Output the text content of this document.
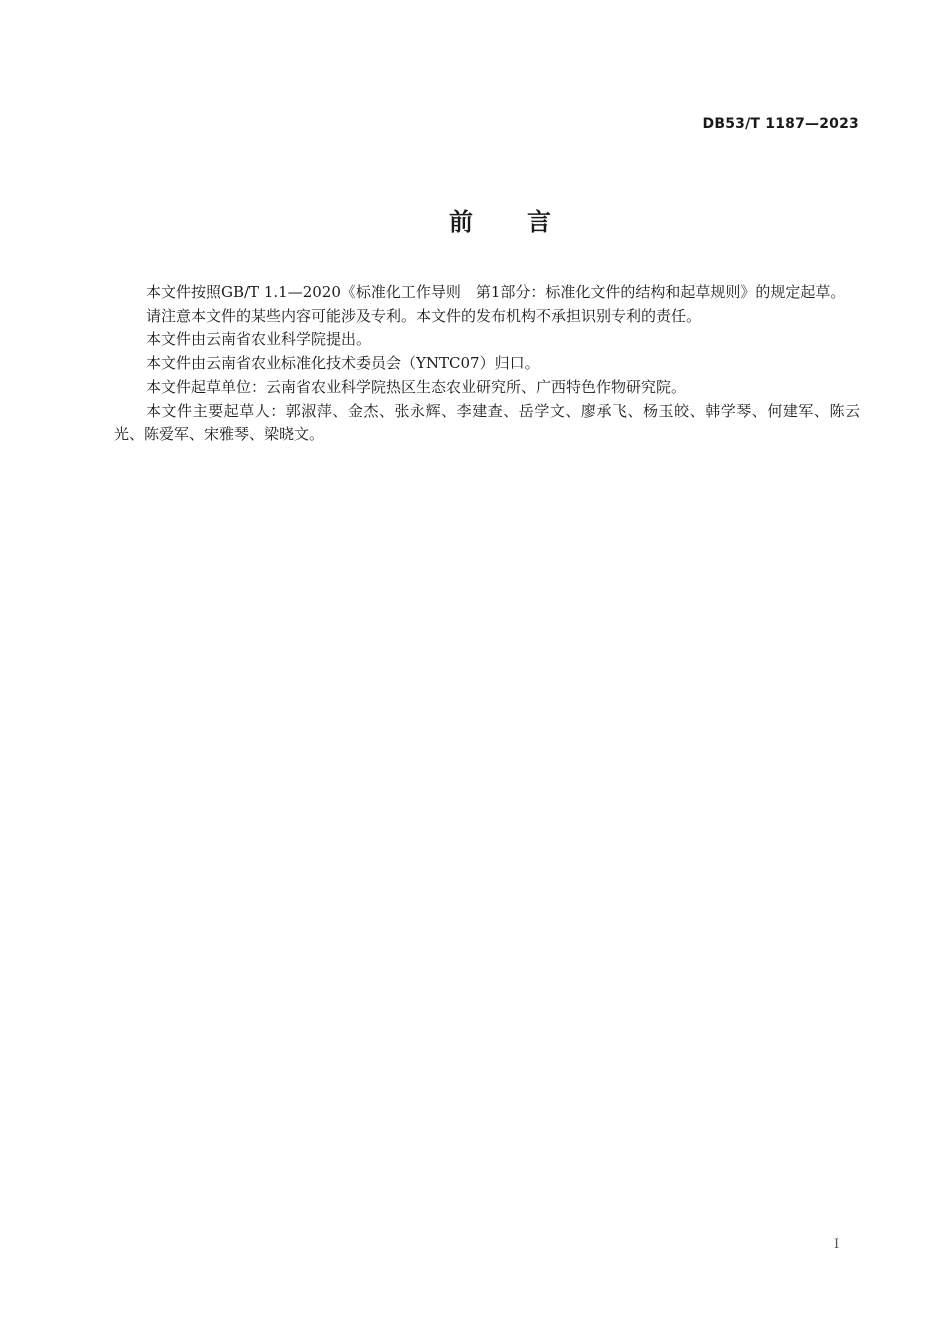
DB53/T 1187—2023
前言

本文件按照GB/T 1.1—2020《标准化工作导则　第1部分：标准化文件的结构和起草规则》的规定起草。

请注意本文件的某些内容可能涉及专利。本文件的发布机构不承担识别专利的责任。

本文件由云南省农业科学院提出。

本文件由云南省农业标准化技术委员会（YNTC07）归口。

本文件起草单位：云南省农业科学院热区生态农业研究所、广西特色作物研究院。

本文件主要起草人：郭淑萍、金杰、张永辉、李建查、岳学文、廖承飞、杨玉皎、韩学琴、何建军、陈云光、陈爱军、宋雅琴、梁晓文。

I
